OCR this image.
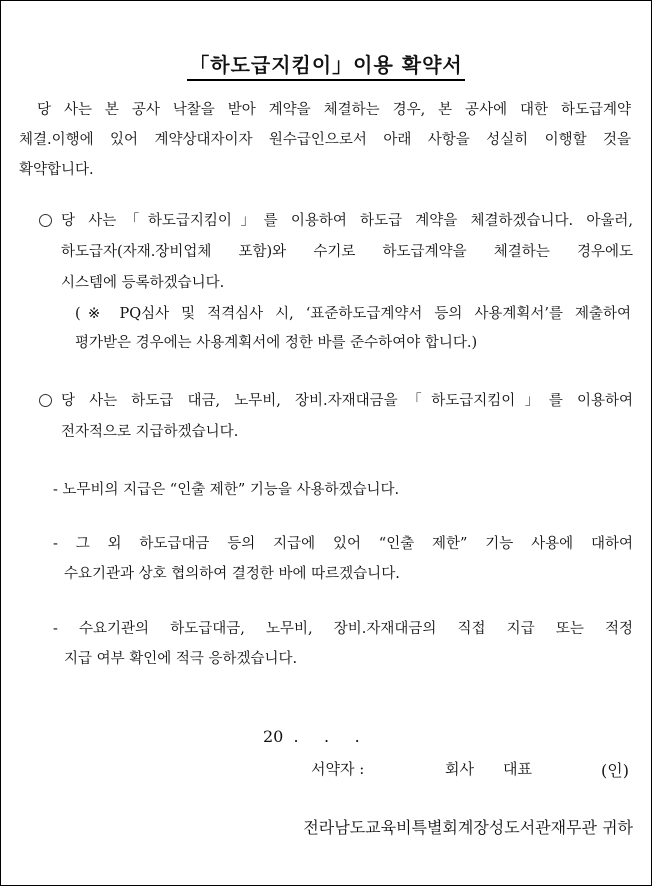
「하도급지킴이」이용 확약서
당 사는 본 공사 낙찰을 받아 계약을 체결하는 경우, 본 공사에 대한 하도급계약
체결.이행에 있어 계약상대자이자 원수급인으로서 아래 사항을 성실히 이행할 것을
확약합니다.
당 사는「하도급지킴이」를 이용하여 하도급 계약을 체결하겠습니다. 아울러,
하도급자(자재.장비업체 포함)와 수기로 하도급계약을 체결하는 경우에도
시스템에 등록하겠습니다.
(※ PQ심사 및 적격심사 시, ‘표준하도급계약서 등의 사용계획서’를 제출하여
평가받은 경우에는 사용계획서에 정한 바를 준수하여야 합니다.)
당 사는 하도급 대금, 노무비, 장비.자재대금을「하도급지킴이」를 이용하여
전자적으로 지급하겠습니다.
- 노무비의 지급은 “인출 제한” 기능을 사용하겠습니다.
- 그 외 하도급대금 등의 지급에 있어 “인출 제한” 기능 사용에 대하여
수요기관과 상호 협의하여 결정한 바에 따르겠습니다.
- 수요기관의 하도급대금, 노무비, 장비.자재대금의 직접 지급 또는 적정
지급 여부 확인에 적극 응하겠습니다.
20  .     .     .
서약자 :	회사 대표	(인)
전라남도교육비특별회계장성도서관재무관 귀하
